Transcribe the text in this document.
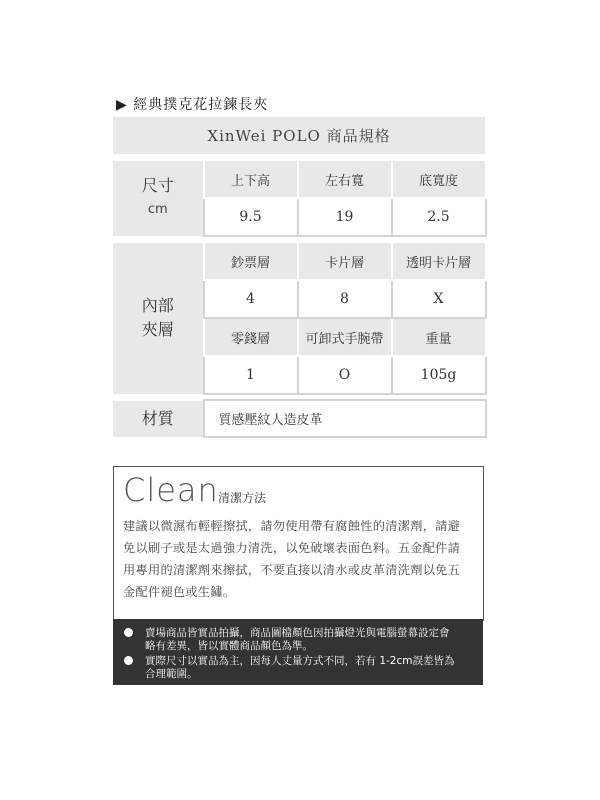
▶ 經典撲克花拉鍊長夾
XinWei POLO 商品規格			

尺寸
cm	上下高	左右寬	底寬度
	9.5	19	2.5

內部
夾層	鈔票層	卡片層	透明卡片層
	4	8	X
	零錢層	可卸式手腕帶	重量
	1	O	105g

材質	質感壓紋人造皮革		
Clean 清潔方法
建議以微濕布輕輕擦拭，請勿使用帶有腐蝕性的清潔劑，請避
免以刷子或是太過強力清洗，以免破壞表面色料。五金配件請
用專用的清潔劑來擦拭，不要直接以清水或皮革清洗劑以免五
金配件褪色或生鏽。
賣場商品皆實品拍攝，商品圖檔顏色因拍攝燈光與電腦螢幕設定會
略有差異，皆以實體商品顏色為準。
實際尺寸以實品為主，因每人丈量方式不同，若有 1-2cm誤差皆為
合理範圍。
